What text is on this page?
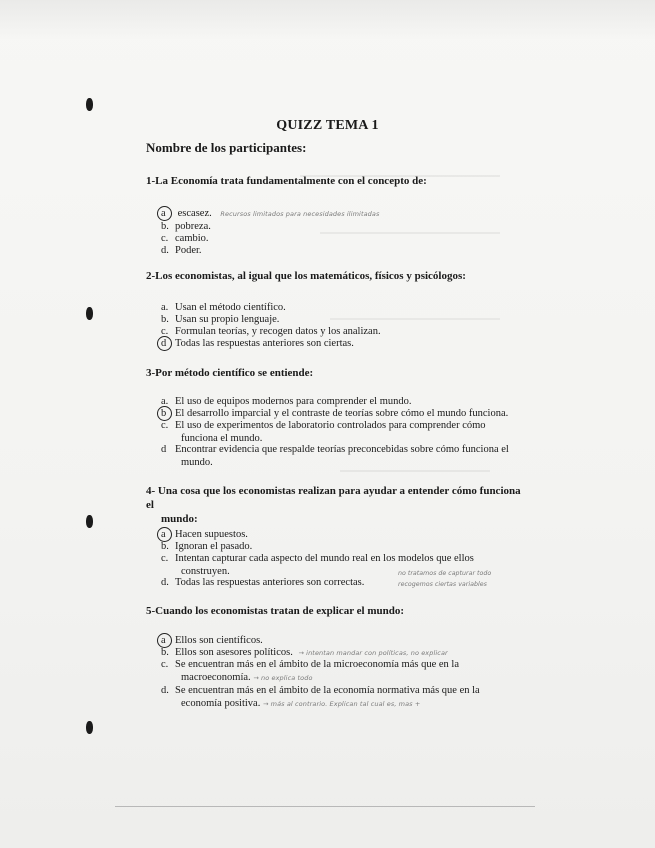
QUIZZ TEMA 1
Nombre de los participantes:
1-La Economía trata fundamentalmente con el concepto de:
a escasez. Recursos limitados para necesidades ilimitadas
b. pobreza.
c. cambio.
d. Poder.
2-Los economistas, al igual que los matemáticos, físicos y psicólogos:
a. Usan el método científico.
b. Usan su propio lenguaje.
c. Formulan teorías, y recogen datos y los analizan.
d Todas las respuestas anteriores son ciertas.
3-Por método científico se entiende:
a. El uso de equipos modernos para comprender el mundo.
b El desarrollo imparcial y el contraste de teorías sobre cómo el mundo funciona.
c. El uso de experimentos de laboratorio controlados para comprender cómo
funciona el mundo.
d Encontrar evidencia que respalde teorías preconcebidas sobre cómo funciona el
mundo.
4- Una cosa que los economistas realizan para ayudar a entender cómo funciona el
mundo:
a Hacen supuestos.
b. Ignoran el pasado.
c. Intentan capturar cada aspecto del mundo real en los modelos que ellos
construyen.
d. Todas las respuestas anteriores son correctas.
no tratamos de capturar todo
recogemos ciertas variables
5-Cuando los economistas tratan de explicar el mundo:
a Ellos son científicos.
b. Ellos son asesores políticos. → intentan mandar con políticas, no explicar
c. Se encuentran más en el ámbito de la microeconomía más que en la
macroeconomía. → no explica todo
d. Se encuentran más en el ámbito de la economía normativa más que en la
economía positiva. → más al contrario. Explican tal cual es, mas +
